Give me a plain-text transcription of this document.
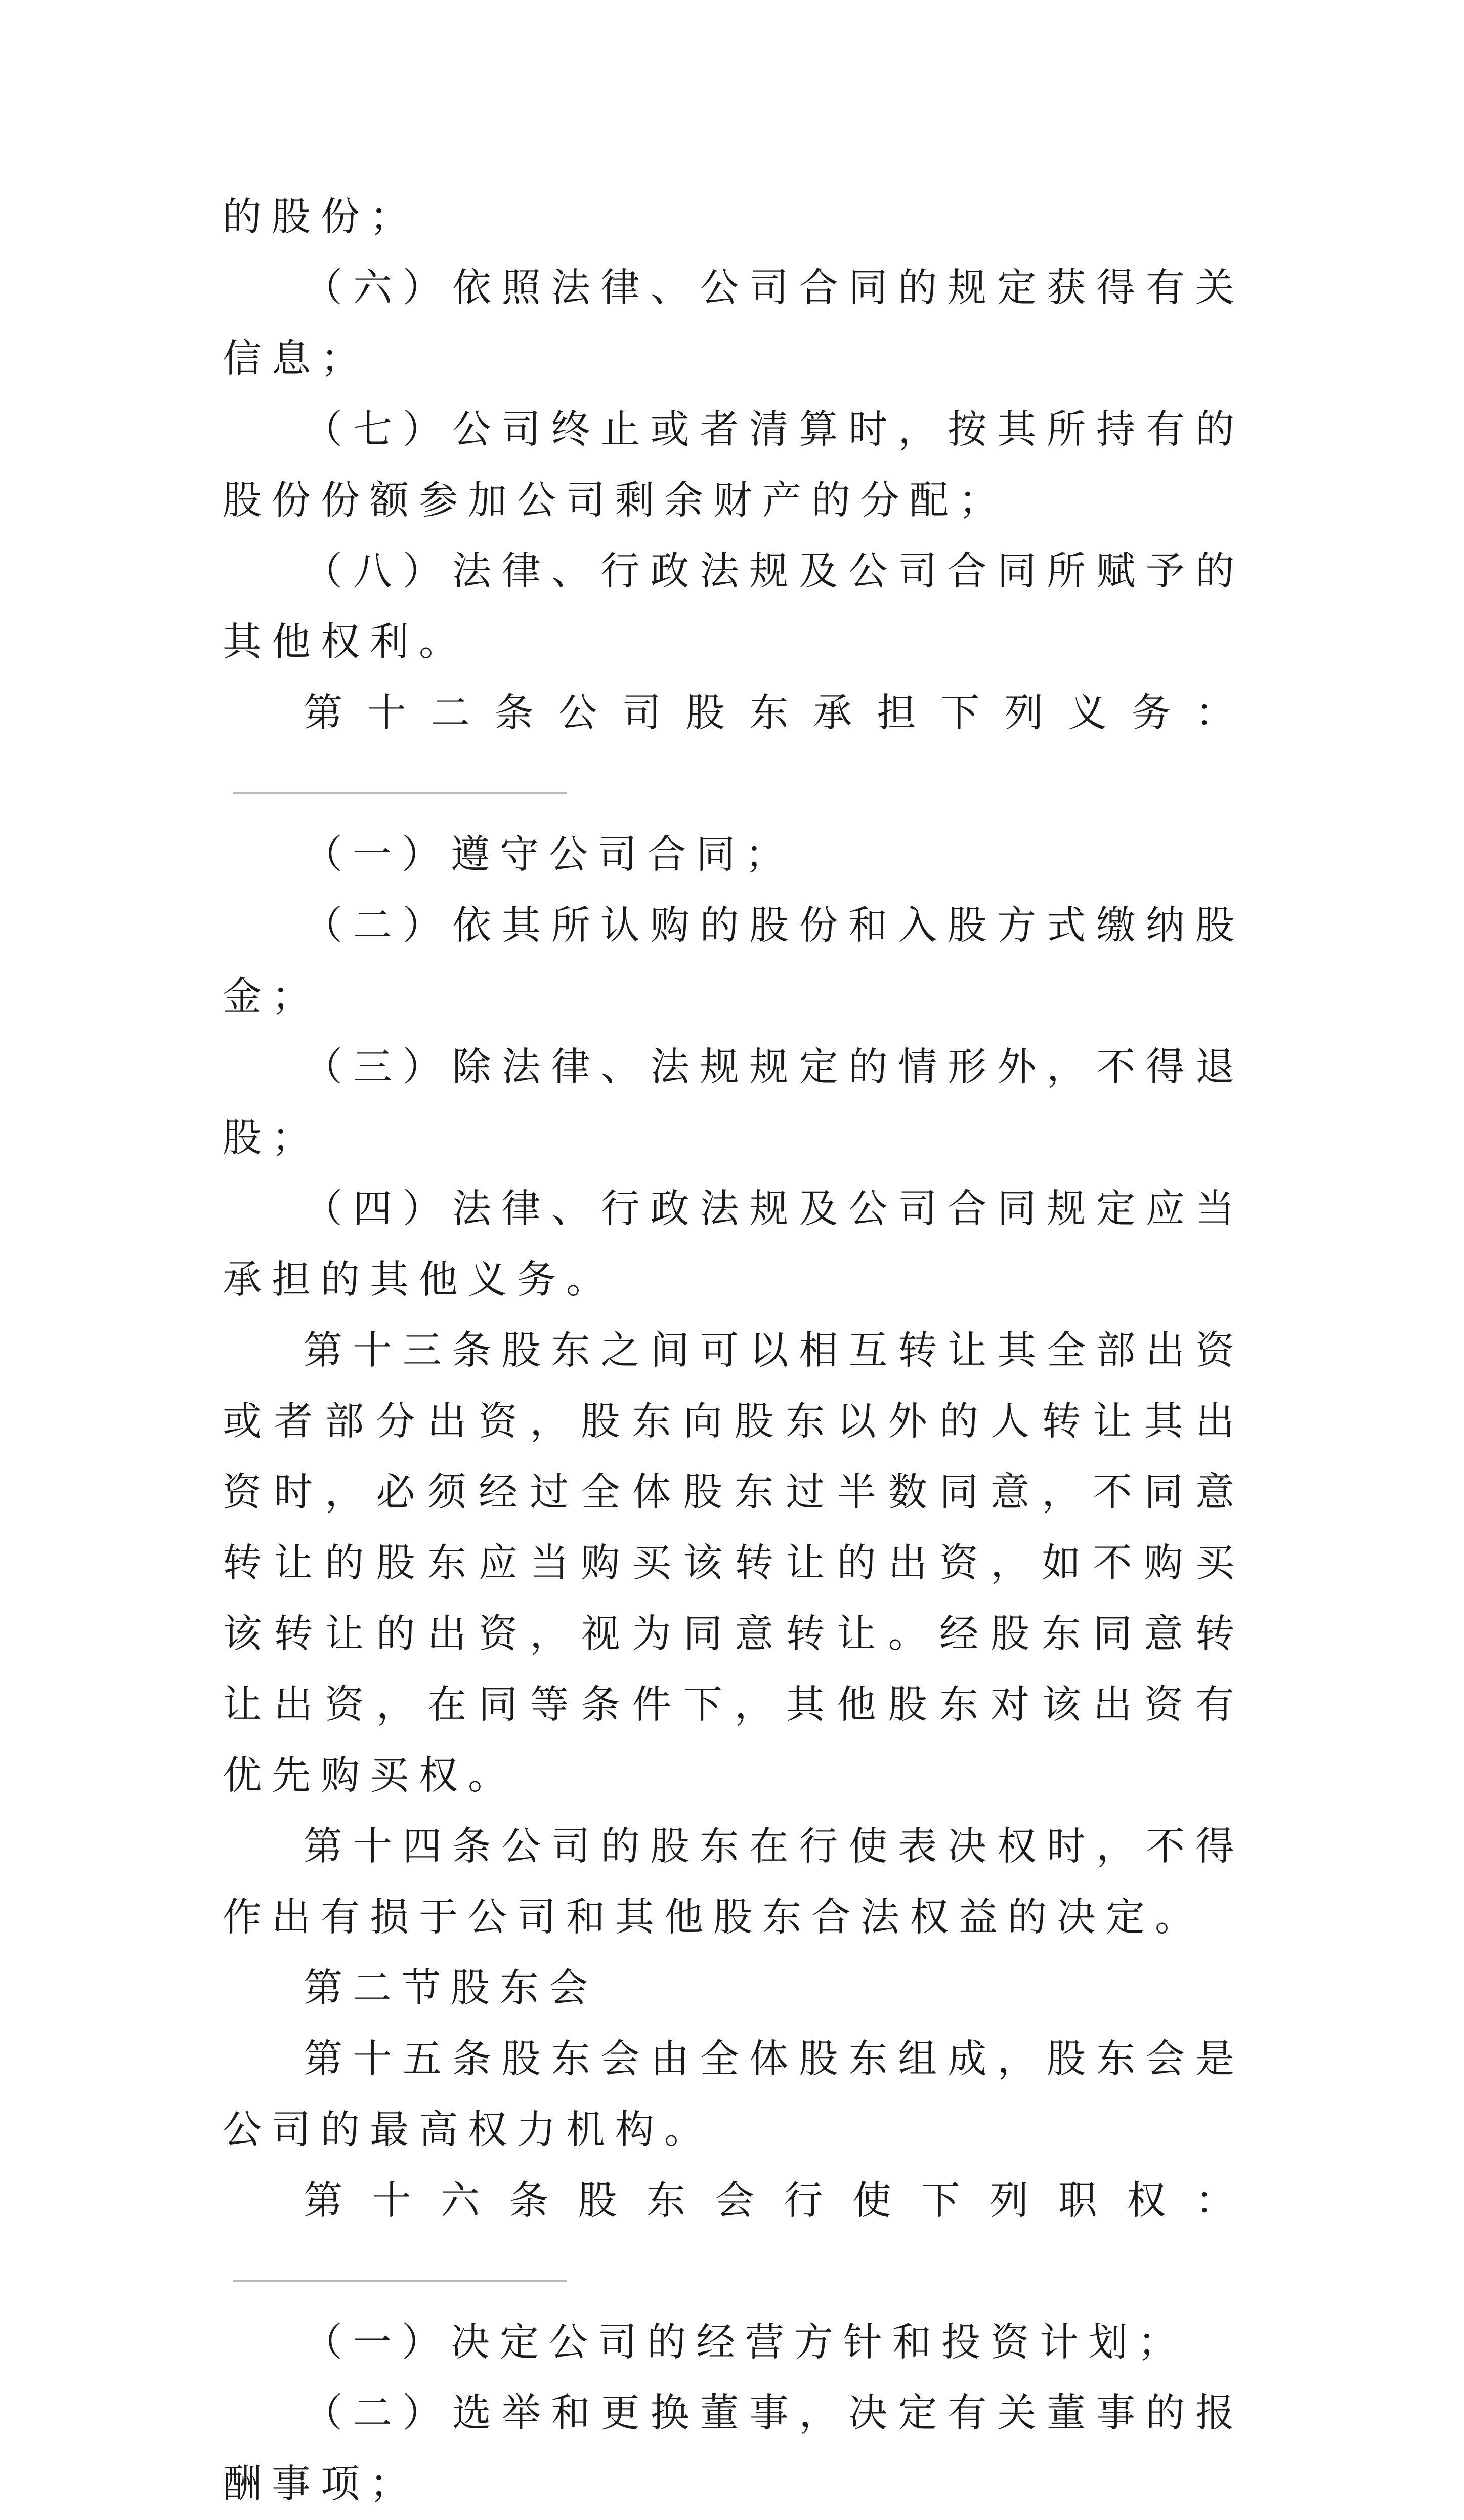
的股份；

（六）依照法律、公司合同的规定获得有关信息；

（七）公司终止或者清算时，按其所持有的股份份额参加公司剩余财产的分配；

（八）法律、行政法规及公司合同所赋予的其他权利。

第十二条公司股东承担下列义务：

（一）遵守公司合同；

（二）依其所认购的股份和入股方式缴纳股金；

（三）除法律、法规规定的情形外，不得退股；

（四）法律、行政法规及公司合同规定应当承担的其他义务。

第十三条股东之间可以相互转让其全部出资或者部分出资，股东向股东以外的人转让其出资时，必须经过全体股东过半数同意，不同意转让的股东应当购买该转让的出资，如不购买该转让的出资，视为同意转让。经股东同意转让出资，在同等条件下，其他股东对该出资有优先购买权。

第十四条公司的股东在行使表决权时，不得作出有损于公司和其他股东合法权益的决定。

第二节股东会

第十五条股东会由全体股东组成，股东会是公司的最高权力机构。

第十六条股东会行使下列职权：

（一）决定公司的经营方针和投资计划；

（二）选举和更换董事，决定有关董事的报酬事项；
